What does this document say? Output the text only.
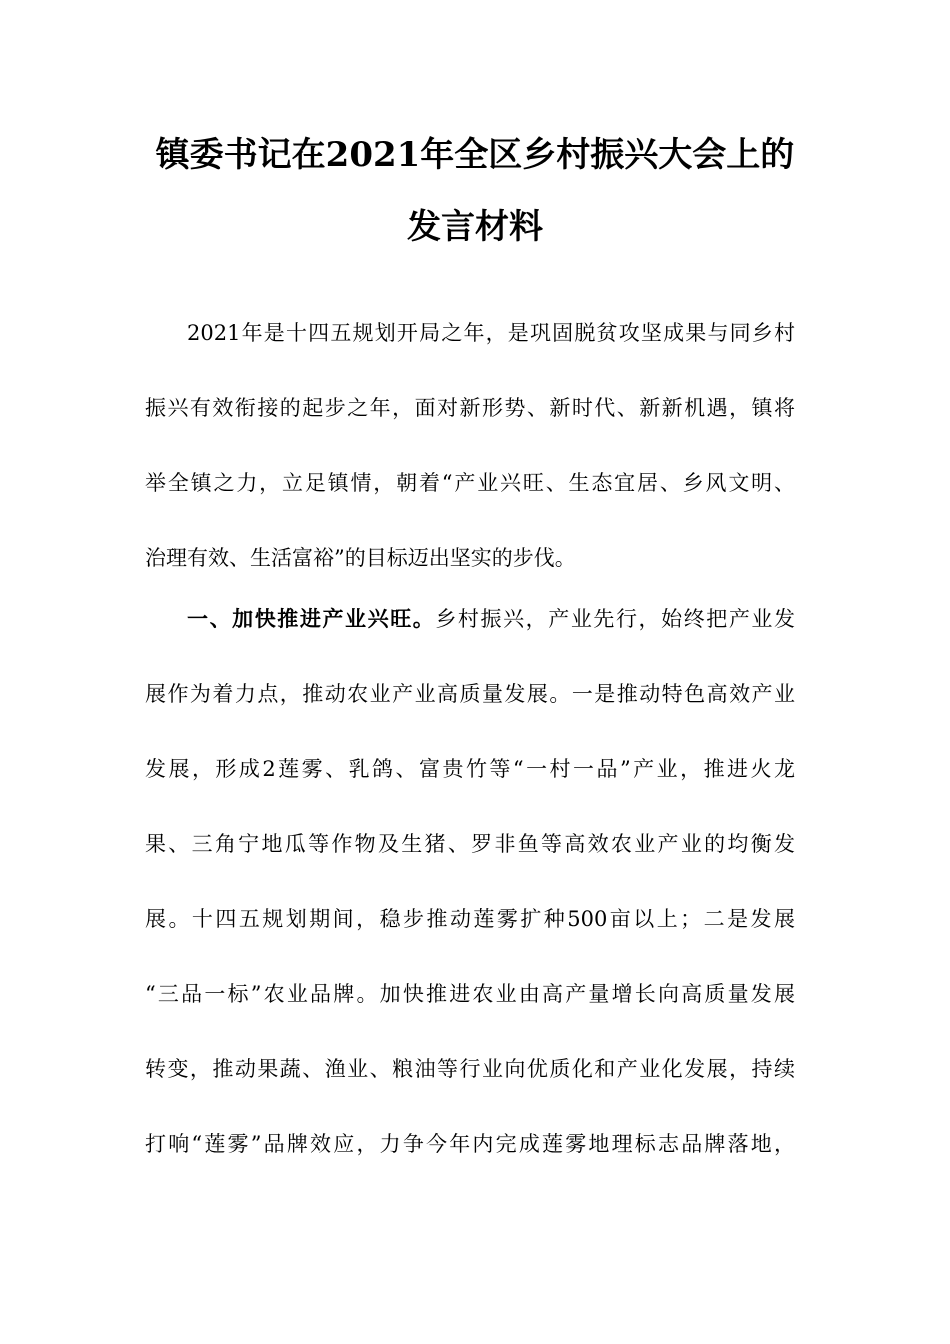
镇委书记在2021年全区乡村振兴大会上的
发言材料
2021年是十四五规划开局之年，是巩固脱贫攻坚成果与同乡村
振兴有效衔接的起步之年，面对新形势、新时代、新新机遇，镇将
举全镇之力，立足镇情，朝着“产业兴旺、生态宜居、乡风文明、
治理有效、生活富裕”的目标迈出坚实的步伐。
一、加快推进产业兴旺。乡村振兴，产业先行，始终把产业发
展作为着力点，推动农业产业高质量发展。一是推动特色高效产业
发展，形成2莲雾、乳鸽、富贵竹等“一村一品”产业，推进火龙
果、三角宁地瓜等作物及生猪、罗非鱼等高效农业产业的均衡发
展。十四五规划期间，稳步推动莲雾扩种500亩以上；二是发展
“三品一标”农业品牌。加快推进农业由高产量增长向高质量发展
转变，推动果蔬、渔业、粮油等行业向优质化和产业化发展，持续
打响“莲雾”品牌效应，力争今年内完成莲雾地理标志品牌落地，
